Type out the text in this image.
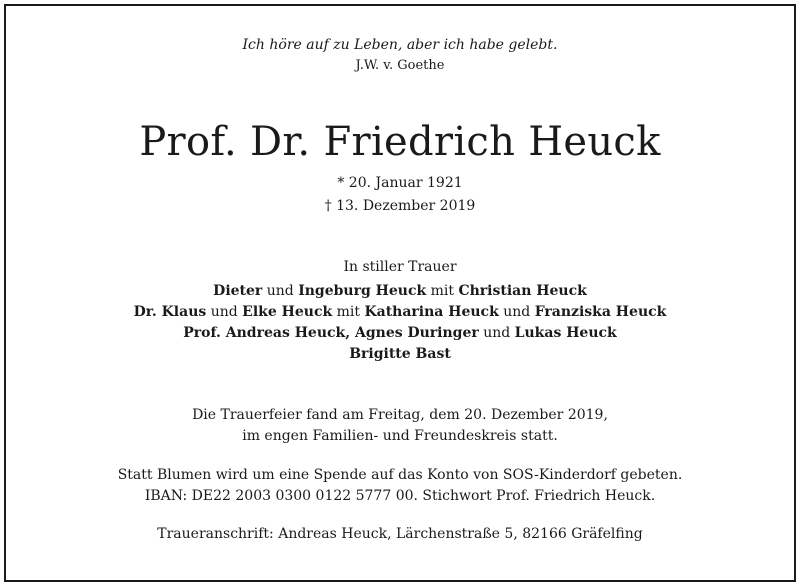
Ich höre auf zu Leben, aber ich habe gelebt.
J.W. v. Goethe
Prof. Dr. Friedrich Heuck
* 20. Januar 1921
† 13. Dezember 2019
In stiller Trauer
Dieter und Ingeburg Heuck mit Christian Heuck
Dr. Klaus und Elke Heuck mit Katharina Heuck und Franziska Heuck
Prof. Andreas Heuck, Agnes Duringer und Lukas Heuck
Brigitte Bast
Die Trauerfeier fand am Freitag, dem 20. Dezember 2019,
im engen Familien- und Freundeskreis statt.
Statt Blumen wird um eine Spende auf das Konto von SOS-Kinderdorf gebeten.
IBAN: DE22 2003 0300 0122 5777 00. Stichwort Prof. Friedrich Heuck.
Traueranschrift: Andreas Heuck, Lärchenstraße 5, 82166 Gräfelfing
